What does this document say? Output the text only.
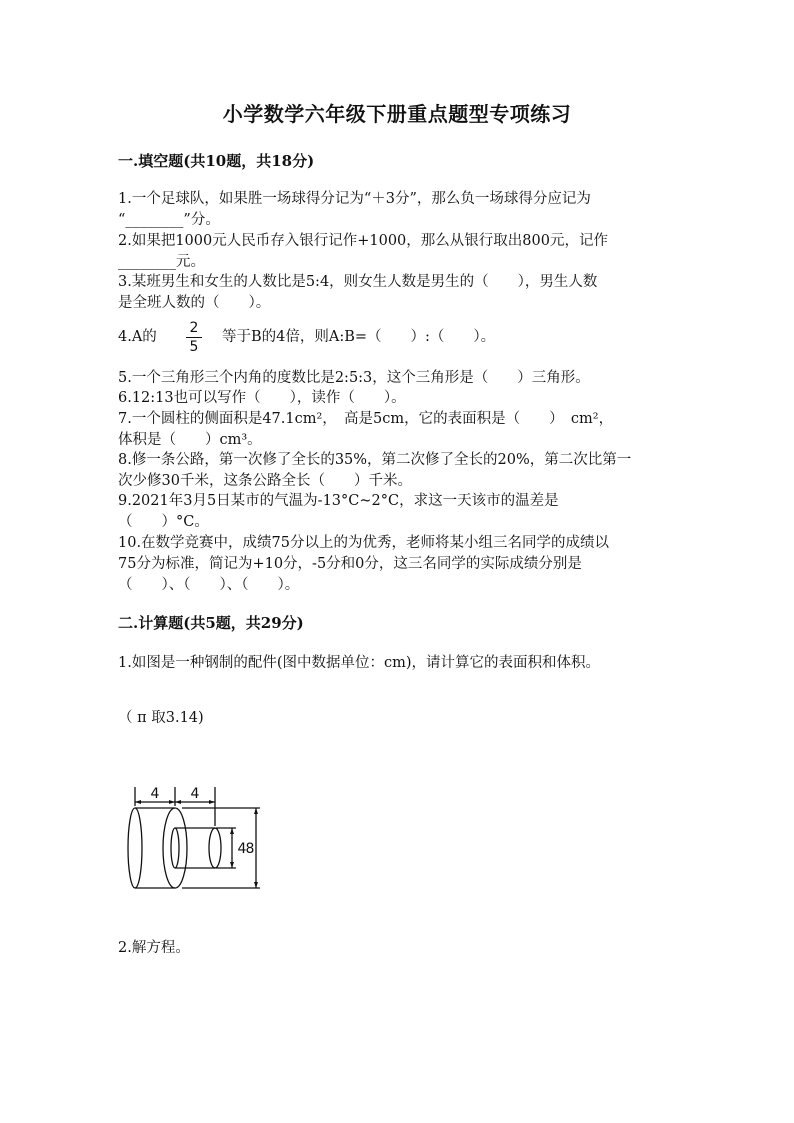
小学数学六年级下册重点题型专项练习
一.填空题(共10题，共18分)
1.一个足球队，如果胜一场球得分记为“＋3分”，那么负一场球得分应记为
“________”分。
2.如果把1000元人民币存入银行记作+1000，那么从银行取出800元，记作
________元。
3.某班男生和女生的人数比是5:4，则女生人数是男生的（　　），男生人数
是全班人数的（　　）。
4.A的
2
5
等于B的4倍，则A:B=（　　）:（　　）。
5.一个三角形三个内角的度数比是2:5:3，这个三角形是（　　）三角形。
6.12:13也可以写作（　　），读作（　　）。
7.一个圆柱的侧面积是47.1cm²，　高是5cm，它的表面积是（　　）　cm²，
体积是（　　）cm³。
8.修一条公路，第一次修了全长的35%，第二次修了全长的20%，第二次比第一
次少修30千米，这条公路全长（　　）千米。
9.2021年3月5日某市的气温为-13°C~2°C，求这一天该市的温差是
（　　）°C。
10.在数学竞赛中，成绩75分以上的为优秀，老师将某小组三名同学的成绩以
75分为标准，简记为+10分，-5分和0分，这三名同学的实际成绩分别是
（　　）、（　　）、（　　）。
二.计算题(共5题，共29分)
1.如图是一种钢制的配件(图中数据单位：cm)，请计算它的表面积和体积。
（ π 取3.14)
4 4
4 8
2.解方程。
